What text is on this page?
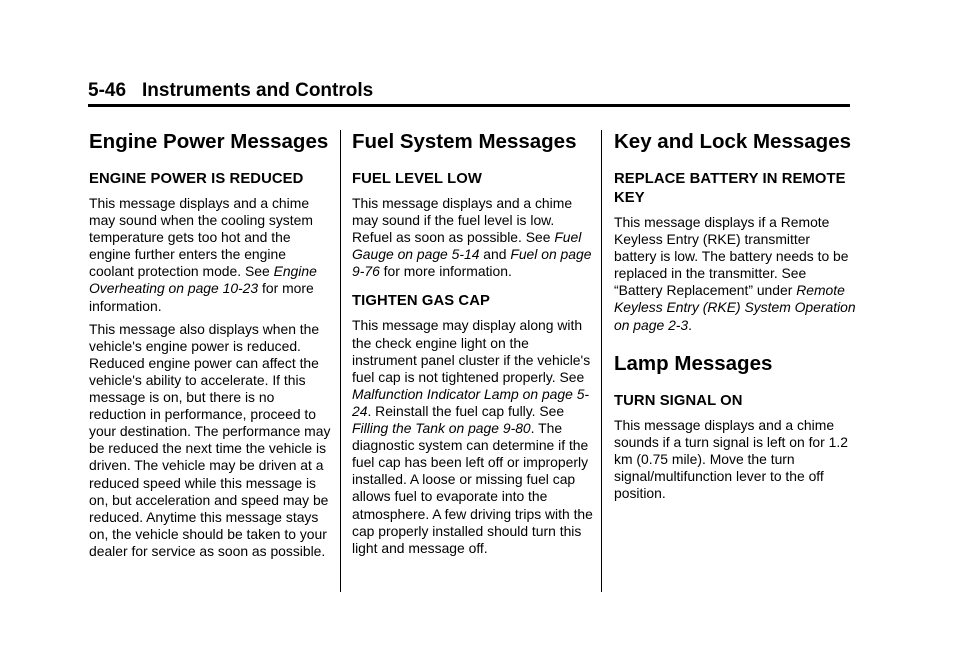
5-46 Instruments and Controls
Engine Power Messages
ENGINE POWER IS REDUCED

This message displays and a chime may sound when the cooling system temperature gets too hot and the engine further enters the engine coolant protection mode. See Engine Overheating on page 10-23 for more information.

This message also displays when the vehicle's engine power is reduced. Reduced engine power can affect the vehicle's ability to accelerate. If this message is on, but there is no reduction in performance, proceed to your destination. The performance may be reduced the next time the vehicle is driven. The vehicle may be driven at a reduced speed while this message is on, but acceleration and speed may be reduced. Anytime this message stays on, the vehicle should be taken to your dealer for service as soon as possible.

Fuel System Messages
FUEL LEVEL LOW

This message displays and a chime may sound if the fuel level is low. Refuel as soon as possible. See Fuel Gauge on page 5-14 and Fuel on page 9-76 for more information.

TIGHTEN GAS CAP

This message may display along with the check engine light on the instrument panel cluster if the vehicle's fuel cap is not tightened properly. See Malfunction Indicator Lamp on page 5-24. Reinstall the fuel cap fully. See Filling the Tank on page 9-80. The diagnostic system can determine if the fuel cap has been left off or improperly installed. A loose or missing fuel cap allows fuel to evaporate into the atmosphere. A few driving trips with the cap properly installed should turn this light and message off.

Key and Lock Messages
REPLACE BATTERY IN REMOTE KEY

This message displays if a Remote Keyless Entry (RKE) transmitter battery is low. The battery needs to be replaced in the transmitter. See “Battery Replacement” under Remote Keyless Entry (RKE) System Operation on page 2-3.

Lamp Messages
TURN SIGNAL ON

This message displays and a chime sounds if a turn signal is left on for 1.2 km (0.75 mile). Move the turn signal/multifunction lever to the off position.
